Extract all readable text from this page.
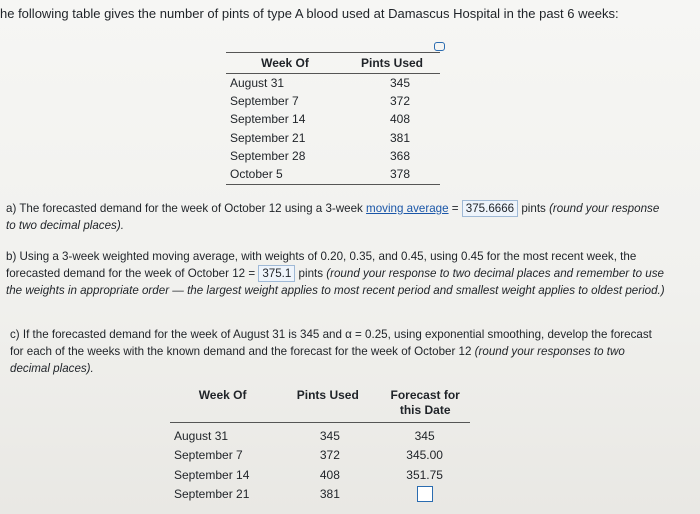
he following table gives the number of pints of type A blood used at Damascus Hospital in the past 6 weeks:
Week Of	Pints Used
August 31	345
September 7	372
September 14	408
September 21	381
September 28	368
October 5	378
a) The forecasted demand for the week of October 12 using a 3-week moving average = 375.6666 pints (round your response to two decimal places).
b) Using a 3-week weighted moving average, with weights of 0.20, 0.35, and 0.45, using 0.45 for the most recent week, the forecasted demand for the week of October 12 = 375.1 pints (round your response to two decimal places and remember to use the weights in appropriate order — the largest weight applies to most recent period and smallest weight applies to oldest period.)
c) If the forecasted demand for the week of August 31 is 345 and α = 0.25, using exponential smoothing, develop the forecast for each of the weeks with the known demand and the forecast for the week of October 12 (round your responses to two decimal places).
Week Of	Pints Used	Forecast for this Date
August 31	345	345
September 7	372	345.00
September 14	408	351.75
September 21	381
